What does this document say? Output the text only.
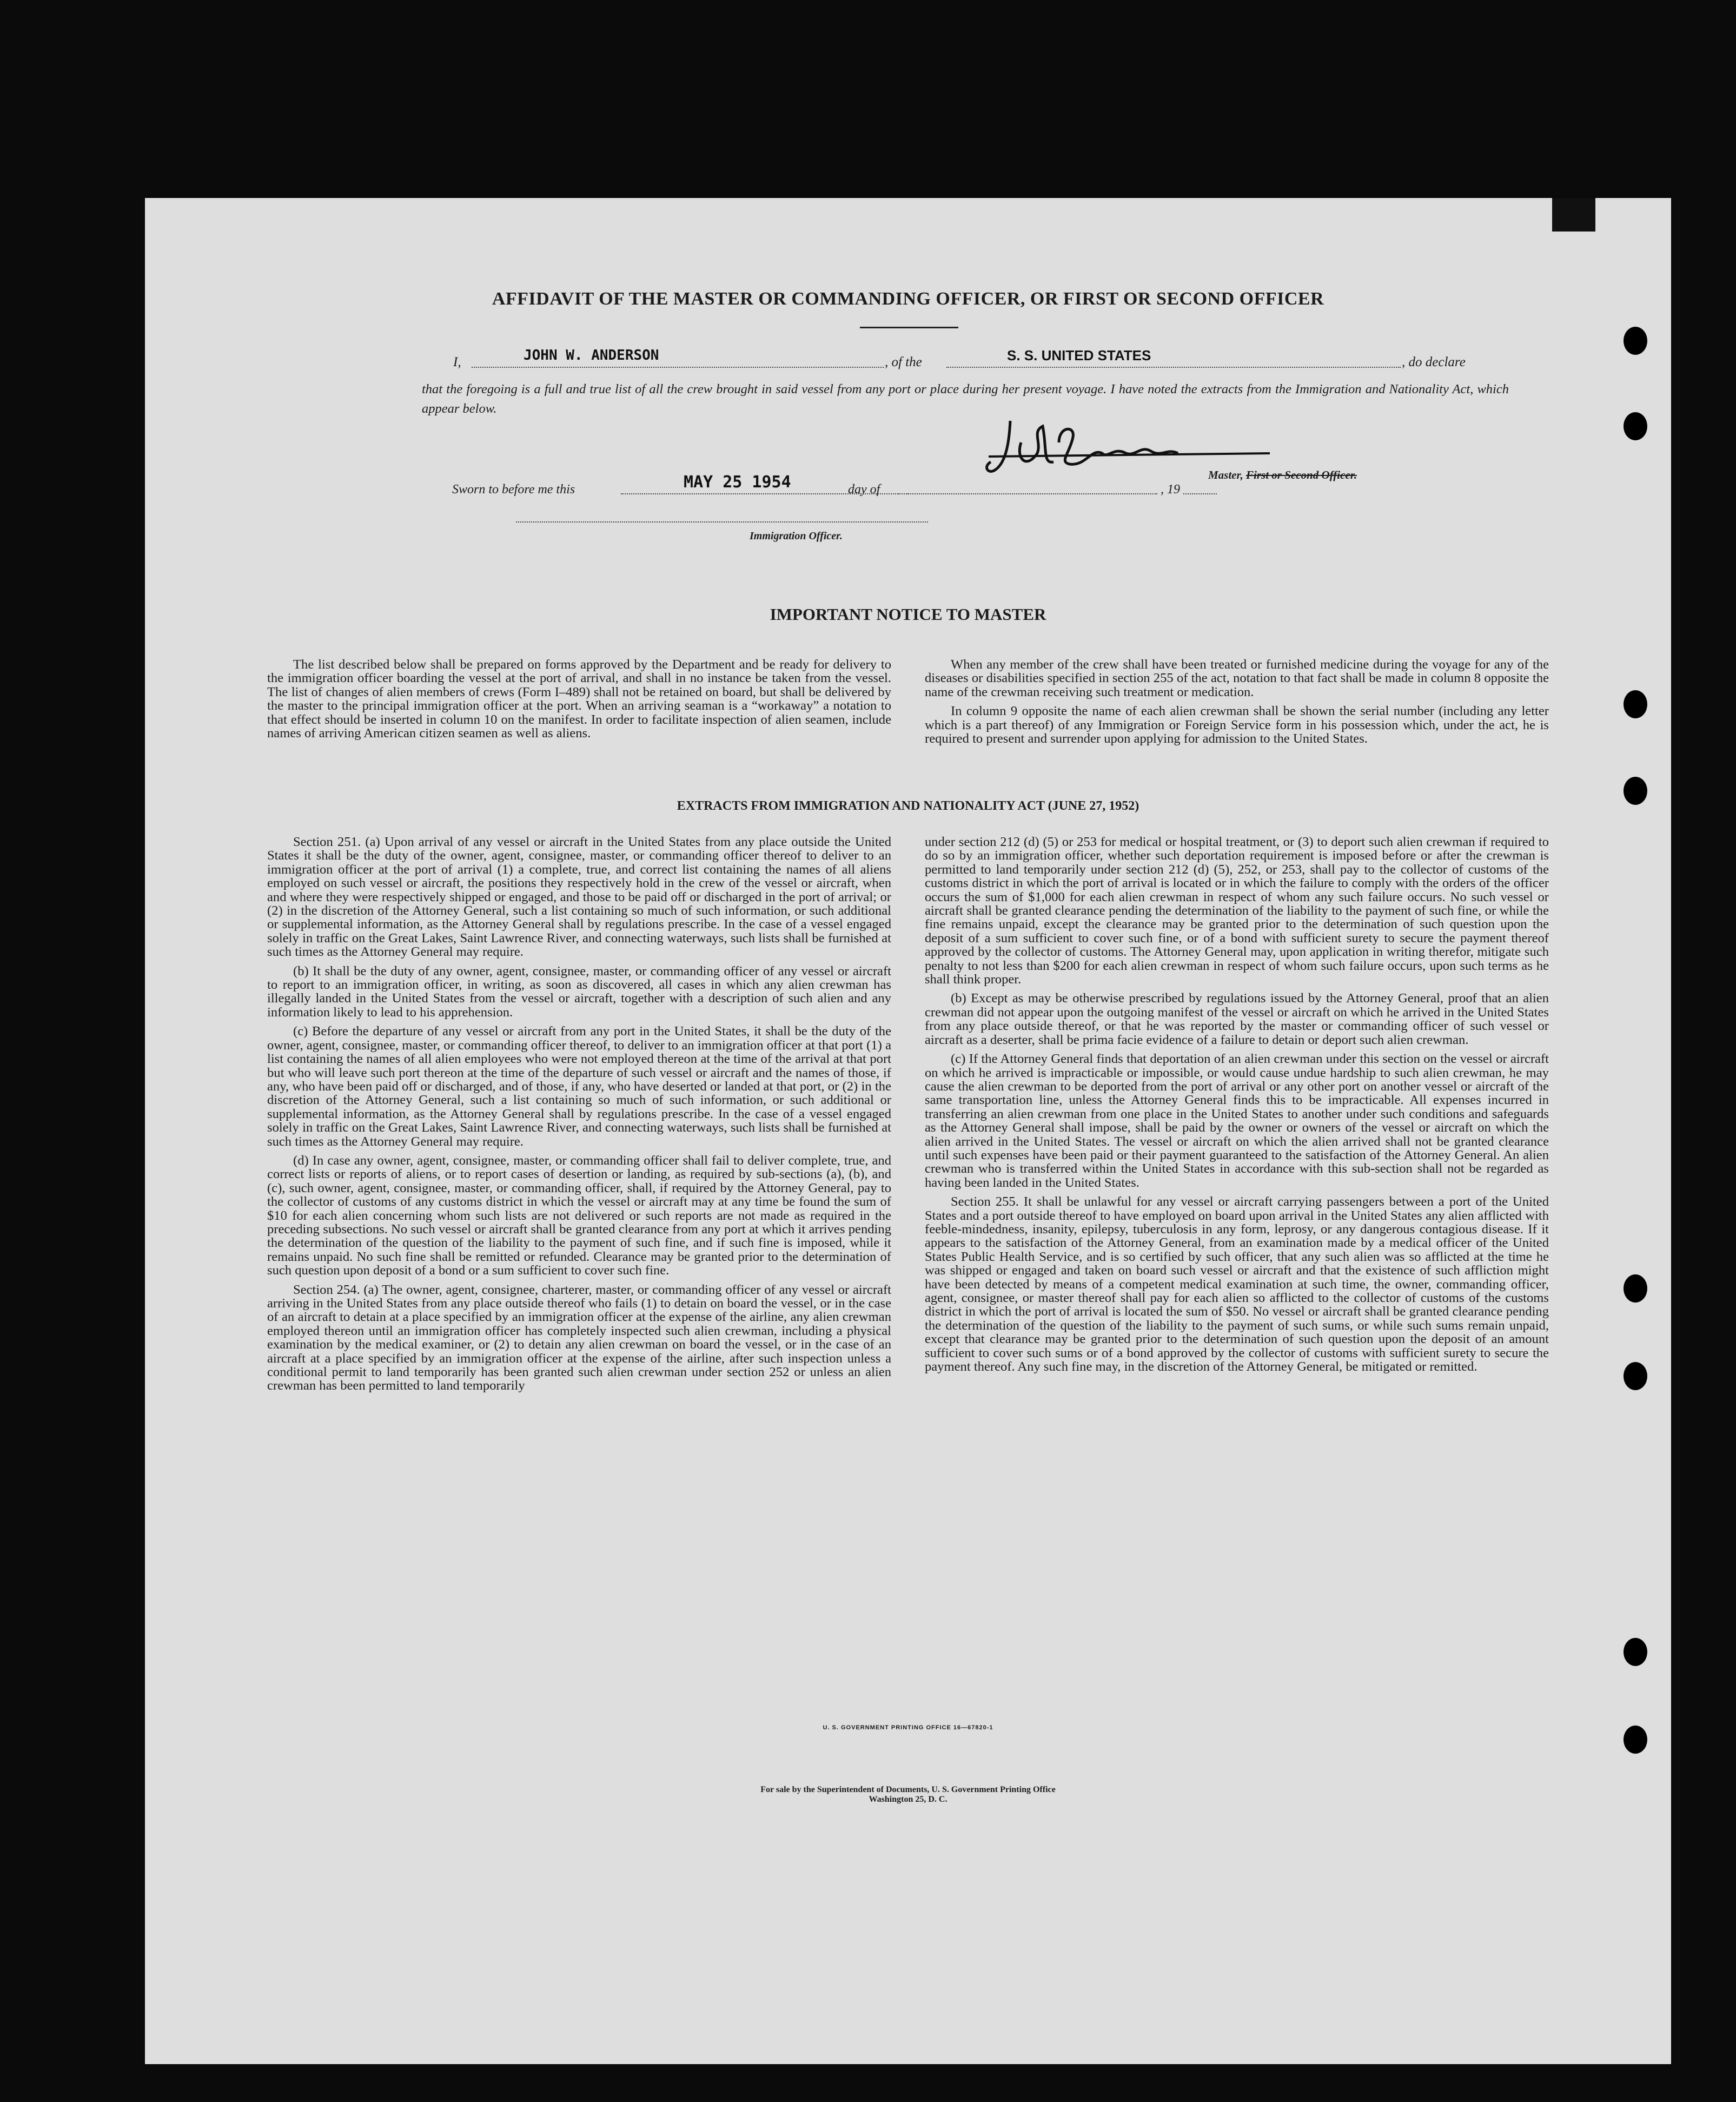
AFFIDAVIT OF THE MASTER OR COMMANDING OFFICER, OR FIRST OR SECOND OFFICER
I,	JOHN W. ANDERSON	, of the	S. S. UNITED STATES	, do declare
that the foregoing is a full and true list of all the crew brought in said vessel from any port or place during her present voyage. I have noted the extracts from the Immigration and Nationality Act, which appear below.
Master, First or Second Officer.
Sworn to before me this	MAY 25 1954	day of	, 19
Immigration Officer.
IMPORTANT NOTICE TO MASTER

The list described below shall be prepared on forms approved by the Department and be ready for delivery to the immigration officer boarding the vessel at the port of arrival, and shall in no instance be taken from the vessel. The list of changes of alien members of crews (Form I–489) shall not be retained on board, but shall be delivered by the master to the principal immigration officer at the port. When an arriving seaman is a “workaway” a notation to that effect should be inserted in column 10 on the manifest. In order to facilitate inspection of alien seamen, include names of arriving American citizen seamen as well as aliens.

When any member of the crew shall have been treated or furnished medicine during the voyage for any of the diseases or disabilities specified in section 255 of the act, notation to that fact shall be made in column 8 opposite the name of the crewman receiving such treatment or medication.

In column 9 opposite the name of each alien crewman shall be shown the serial number (including any letter which is a part thereof) of any Immigration or Foreign Service form in his possession which, under the act, he is required to present and surrender upon applying for admission to the United States.

EXTRACTS FROM IMMIGRATION AND NATIONALITY ACT (JUNE 27, 1952)

Section 251. (a) Upon arrival of any vessel or aircraft in the United States from any place outside the United States it shall be the duty of the owner, agent, consignee, master, or commanding officer thereof to deliver to an immigration officer at the port of arrival (1) a complete, true, and correct list containing the names of all aliens employed on such vessel or aircraft, the positions they respectively hold in the crew of the vessel or aircraft, when and where they were respectively shipped or engaged, and those to be paid off or discharged in the port of arrival; or (2) in the discretion of the Attorney General, such a list containing so much of such information, or such additional or supplemental information, as the Attorney General shall by regulations prescribe. In the case of a vessel engaged solely in traffic on the Great Lakes, Saint Lawrence River, and connecting waterways, such lists shall be furnished at such times as the Attorney General may require.

(b) It shall be the duty of any owner, agent, consignee, master, or commanding officer of any vessel or aircraft to report to an immigration officer, in writing, as soon as discovered, all cases in which any alien crewman has illegally landed in the United States from the vessel or aircraft, together with a description of such alien and any information likely to lead to his apprehension.

(c) Before the departure of any vessel or aircraft from any port in the United States, it shall be the duty of the owner, agent, consignee, master, or commanding officer thereof, to deliver to an immigration officer at that port (1) a list containing the names of all alien employees who were not employed thereon at the time of the arrival at that port but who will leave such port thereon at the time of the departure of such vessel or aircraft and the names of those, if any, who have been paid off or discharged, and of those, if any, who have deserted or landed at that port, or (2) in the discretion of the Attorney General, such a list containing so much of such information, or such additional or supplemental information, as the Attorney General shall by regulations prescribe. In the case of a vessel engaged solely in traffic on the Great Lakes, Saint Lawrence River, and connecting waterways, such lists shall be furnished at such times as the Attorney General may require.

(d) In case any owner, agent, consignee, master, or commanding officer shall fail to deliver complete, true, and correct lists or reports of aliens, or to report cases of desertion or landing, as required by sub-sections (a), (b), and (c), such owner, agent, consignee, master, or commanding officer, shall, if required by the Attorney General, pay to the collector of customs of any customs district in which the vessel or aircraft may at any time be found the sum of $10 for each alien concerning whom such lists are not delivered or such reports are not made as required in the preceding subsections. No such vessel or aircraft shall be granted clearance from any port at which it arrives pending the determination of the question of the liability to the payment of such fine, and if such fine is imposed, while it remains unpaid. No such fine shall be remitted or refunded. Clearance may be granted prior to the determination of such question upon deposit of a bond or a sum sufficient to cover such fine.

Section 254. (a) The owner, agent, consignee, charterer, master, or commanding officer of any vessel or aircraft arriving in the United States from any place outside thereof who fails (1) to detain on board the vessel, or in the case of an aircraft to detain at a place specified by an immigration officer at the expense of the airline, any alien crewman employed thereon until an immigration officer has completely inspected such alien crewman, including a physical examination by the medical examiner, or (2) to detain any alien crewman on board the vessel, or in the case of an aircraft at a place specified by an immigration officer at the expense of the airline, after such inspection unless a conditional permit to land temporarily has been granted such alien crewman under section 252 or unless an alien crewman has been permitted to land temporarily

under section 212 (d) (5) or 253 for medical or hospital treatment, or (3) to deport such alien crewman if required to do so by an immigration officer, whether such deportation requirement is imposed before or after the crewman is permitted to land temporarily under section 212 (d) (5), 252, or 253, shall pay to the collector of customs of the customs district in which the port of arrival is located or in which the failure to comply with the orders of the officer occurs the sum of $1,000 for each alien crewman in respect of whom any such failure occurs. No such vessel or aircraft shall be granted clearance pending the determination of the liability to the payment of such fine, or while the fine remains unpaid, except the clearance may be granted prior to the determination of such question upon the deposit of a sum sufficient to cover such fine, or of a bond with sufficient surety to secure the payment thereof approved by the collector of customs. The Attorney General may, upon application in writing therefor, mitigate such penalty to not less than $200 for each alien crewman in respect of whom such failure occurs, upon such terms as he shall think proper.

(b) Except as may be otherwise prescribed by regulations issued by the Attorney General, proof that an alien crewman did not appear upon the outgoing manifest of the vessel or aircraft on which he arrived in the United States from any place outside thereof, or that he was reported by the master or commanding officer of such vessel or aircraft as a deserter, shall be prima facie evidence of a failure to detain or deport such alien crewman.

(c) If the Attorney General finds that deportation of an alien crewman under this section on the vessel or aircraft on which he arrived is impracticable or impossible, or would cause undue hardship to such alien crewman, he may cause the alien crewman to be deported from the port of arrival or any other port on another vessel or aircraft of the same transportation line, unless the Attorney General finds this to be impracticable. All expenses incurred in transferring an alien crewman from one place in the United States to another under such conditions and safeguards as the Attorney General shall impose, shall be paid by the owner or owners of the vessel or aircraft on which the alien arrived in the United States. The vessel or aircraft on which the alien arrived shall not be granted clearance until such expenses have been paid or their payment guaranteed to the satisfaction of the Attorney General. An alien crewman who is transferred within the United States in accordance with this sub-section shall not be regarded as having been landed in the United States.

Section 255. It shall be unlawful for any vessel or aircraft carrying passengers between a port of the United States and a port outside thereof to have employed on board upon arrival in the United States any alien afflicted with feeble-mindedness, insanity, epilepsy, tuberculosis in any form, leprosy, or any dangerous contagious disease. If it appears to the satisfaction of the Attorney General, from an examination made by a medical officer of the United States Public Health Service, and is so certified by such officer, that any such alien was so afflicted at the time he was shipped or engaged and taken on board such vessel or aircraft and that the existence of such affliction might have been detected by means of a competent medical examination at such time, the owner, commanding officer, agent, consignee, or master thereof shall pay for each alien so afflicted to the collector of customs of the customs district in which the port of arrival is located the sum of $50. No vessel or aircraft shall be granted clearance pending the determination of the question of the liability to the payment of such sums, or while such sums remain unpaid, except that clearance may be granted prior to the determination of such question upon the deposit of an amount sufficient to cover such sums or of a bond approved by the collector of customs with sufficient surety to secure the payment thereof. Any such fine may, in the discretion of the Attorney General, be mitigated or remitted.

U. S. GOVERNMENT PRINTING OFFICE 16—67820-1
For sale by the Superintendent of Documents, U. S. Government Printing Office
Washington 25, D. C.
